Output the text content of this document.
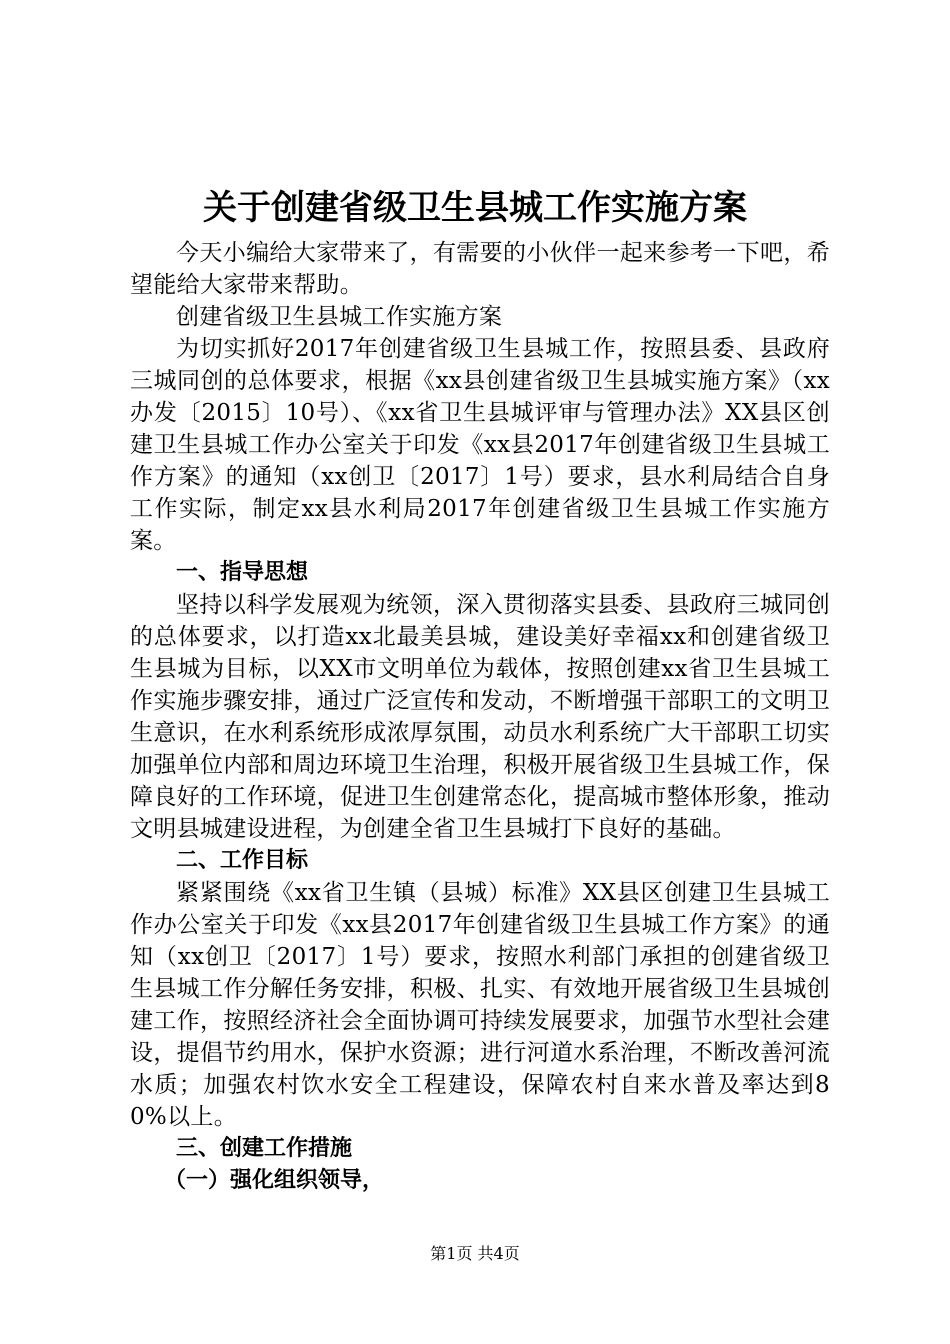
关于创建省级卫生县城工作实施方案

今天小编给大家带来了，有需要的小伙伴一起来参考一下吧，希望能给大家带来帮助。

创建省级卫生县城工作实施方案

为切实抓好2017年创建省级卫生县城工作，按照县委、县政府三城同创的总体要求，根据《xx县创建省级卫生县城实施方案》（xx办发〔2015〕10号）、《xx省卫生县城评审与管理办法》XX县区创建卫生县城工作办公室关于印发《xx县2017年创建省级卫生县城工作方案》的通知（xx创卫〔2017〕1号）要求，县水利局结合自身工作实际，制定xx县水利局2017年创建省级卫生县城工作实施方案。

一、指导思想

坚持以科学发展观为统领，深入贯彻落实县委、县政府三城同创的总体要求，以打造xx北最美县城，建设美好幸福xx和创建省级卫生县城为目标，以XX市文明单位为载体，按照创建xx省卫生县城工作实施步骤安排，通过广泛宣传和发动，不断增强干部职工的文明卫生意识，在水利系统形成浓厚氛围，动员水利系统广大干部职工切实加强单位内部和周边环境卫生治理，积极开展省级卫生县城工作，保障良好的工作环境，促进卫生创建常态化，提高城市整体形象，推动文明县城建设进程，为创建全省卫生县城打下良好的基础。

二、工作目标

紧紧围绕《xx省卫生镇（县城）标准》XX县区创建卫生县城工作办公室关于印发《xx县2017年创建省级卫生县城工作方案》的通知（xx创卫〔2017〕1号）要求，按照水利部门承担的创建省级卫生县城工作分解任务安排，积极、扎实、有效地开展省级卫生县城创建工作，按照经济社会全面协调可持续发展要求，加强节水型社会建设，提倡节约用水，保护水资源；进行河道水系治理，不断改善河流水质；加强农村饮水安全工程建设，保障农村自来水普及率达到80%以上。

三、创建工作措施

（一）强化组织领导，

第1页 共4页
